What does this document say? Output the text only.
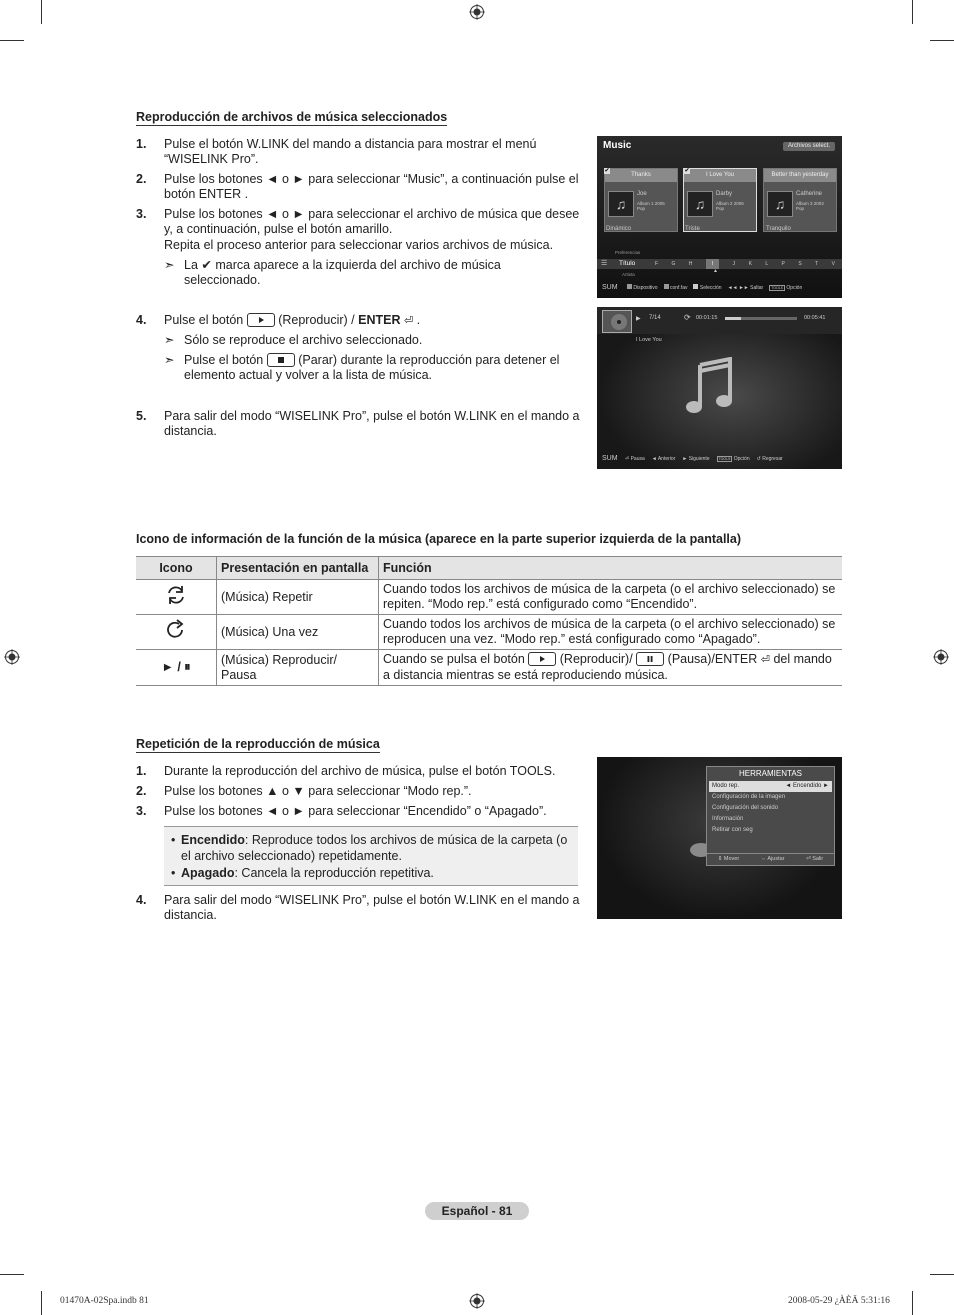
Reproducción de archivos de música seleccionados
1. Pulse el botón W.LINK del mando a distancia para mostrar el menú “WISELINK Pro”.
2. Pulse los botones ◄ o ► para seleccionar “Music”, a continuación pulse el botón ENTER .
3. Pulse los botones ◄ o ► para seleccionar el archivo de música que desee y, a continuación, pulse el botón amarillo.
Repita el proceso anterior para seleccionar varios archivos de música.
➣ La ✔ marca aparece a la izquierda del archivo de música seleccionado.
4. Pulse el botón	(Reproducir) / ENTER ⏎ .
➣ Sólo se reproduce el archivo seleccionado.
➣ Pulse el botón	(Parar) durante la reproducción para detener el elemento actual y volver a la lista de música.
5. Para salir del modo “WISELINK Pro”, pulse el botón W.LINK en el mando a distancia.
Music	Archivos select.
Thanks
♫
Joe
Album 1 2005 Pop
✔
Dinámico
I Love You
♫
Darby
Album 2 2006 Pop
✔
Triste
Better than yesterday
♫
Catherine
Album 3 2003 Pop
Tranquilo
Preferencias
☰ Título
Artista
F	G	H	I	J	K	L	P	S	T	V
▲
SUM	Dispositivo	conf.fav	Selección ◄◄ ►► Saltar	TOOLS Opción
▶ 7/14	⟳ 00:01:15	00:05:41
I Love You
SUM ⏎ Pausa ◄ Anterior ► Siguiente	TOOLS Opción ↺ Regresar
Icono de información de la función de la música (aparece en la parte superior izquierda de la pantalla)
Icono	Presentación en pantalla	Función
	(Música) Repetir	Cuando todos los archivos de música de la carpeta (o el archivo seleccionado) se repiten. “Modo rep.” está configurado como “Encendido”.
	(Música) Una vez	Cuando todos los archivos de música de la carpeta (o el archivo seleccionado) se reproducen una vez. “Modo rep.” está configurado como “Apagado”.
► / ⏸	(Música) Reproducir/ Pausa	Cuando se pulsa el botón (Reproducir)/ (Pausa)/ENTER ⏎ del mando a distancia mientras se está reproduciendo música.
Repetición de la reproducción de música
1. Durante la reproducción del archivo de música, pulse el botón TOOLS.
2. Pulse los botones ▲ o ▼ para seleccionar “Modo rep.”.
3. Pulse los botones ◄ o ► para seleccionar “Encendido” o “Apagado”.
4. Para salir del modo “WISELINK Pro”, pulse el botón W.LINK en el mando a distancia.
• Encendido: Reproduce todos los archivos de música de la carpeta (o el archivo seleccionado) repetidamente.
• Apagado: Cancela la reproducción repetitiva.
HERRAMIENTAS
Modo rep.	◄ Encendido ►
Configuración de la imagen
Configuración del sonido
Información
Retirar con seg
⇕ Mover	⇔ Ajustar	⏎ Salir
Español - 81
01470A-02Spa.indb 81	2008-05-29 ¿ÀÈÄ 5:31:16
